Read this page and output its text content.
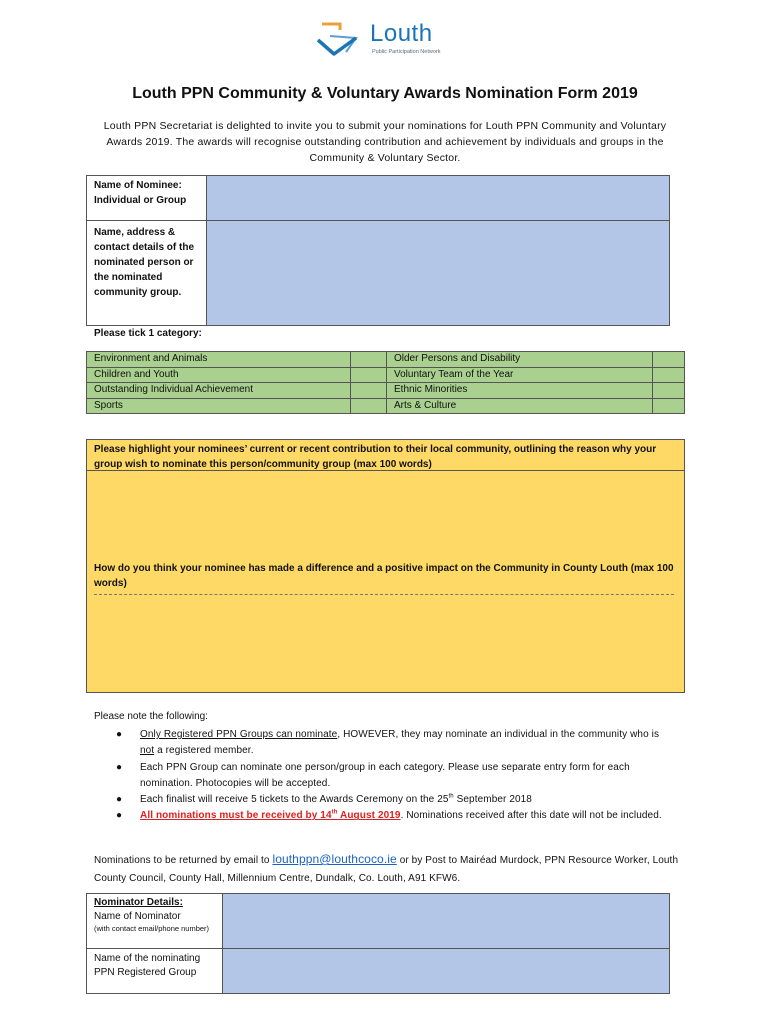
Louth
Public Participation Network
Louth PPN Community & Voluntary Awards Nomination Form 2019
Louth PPN Secretariat is delighted to invite you to submit your nominations for Louth PPN Community and Voluntary Awards 2019. The awards will recognise outstanding contribution and achievement by individuals and groups in the Community & Voluntary Sector.
Name of Nominee:
Individual or Group	

Name, address & contact details of the nominated person or the nominated community group.	
Please tick 1 category:
Environment and Animals		Older Persons and Disability	
Children and Youth		Voluntary Team of the Year	
Outstanding Individual Achievement		Ethnic Minorities	
Sports		Arts & Culture	
Please highlight your nominees’ current or recent contribution to their local community, outlining the reason why your group wish to nominate this person/community group (max 100 words)
How do you think your nominee has made a difference and a positive impact on the Community in County Louth (max 100 words)
Please note the following:
● Only Registered PPN Groups can nominate, HOWEVER, they may nominate an individual in the community who is not a registered member.
● Each PPN Group can nominate one person/group in each category. Please use separate entry form for each nomination. Photocopies will be accepted.
● Each finalist will receive 5 tickets to the Awards Ceremony on the 25th September 2018
● All nominations must be received by 14th August 2019. Nominations received after this date will not be included.
Nominations to be returned by email to louthppn@louthcoco.ie or by Post to Mairéad Murdock, PPN Resource Worker, Louth County Council, County Hall, Millennium Centre, Dundalk, Co. Louth, A91 KFW6.
Nominator Details:
Name of Nominator
(with contact email/phone number)	

Name of the nominating PPN Registered Group	
